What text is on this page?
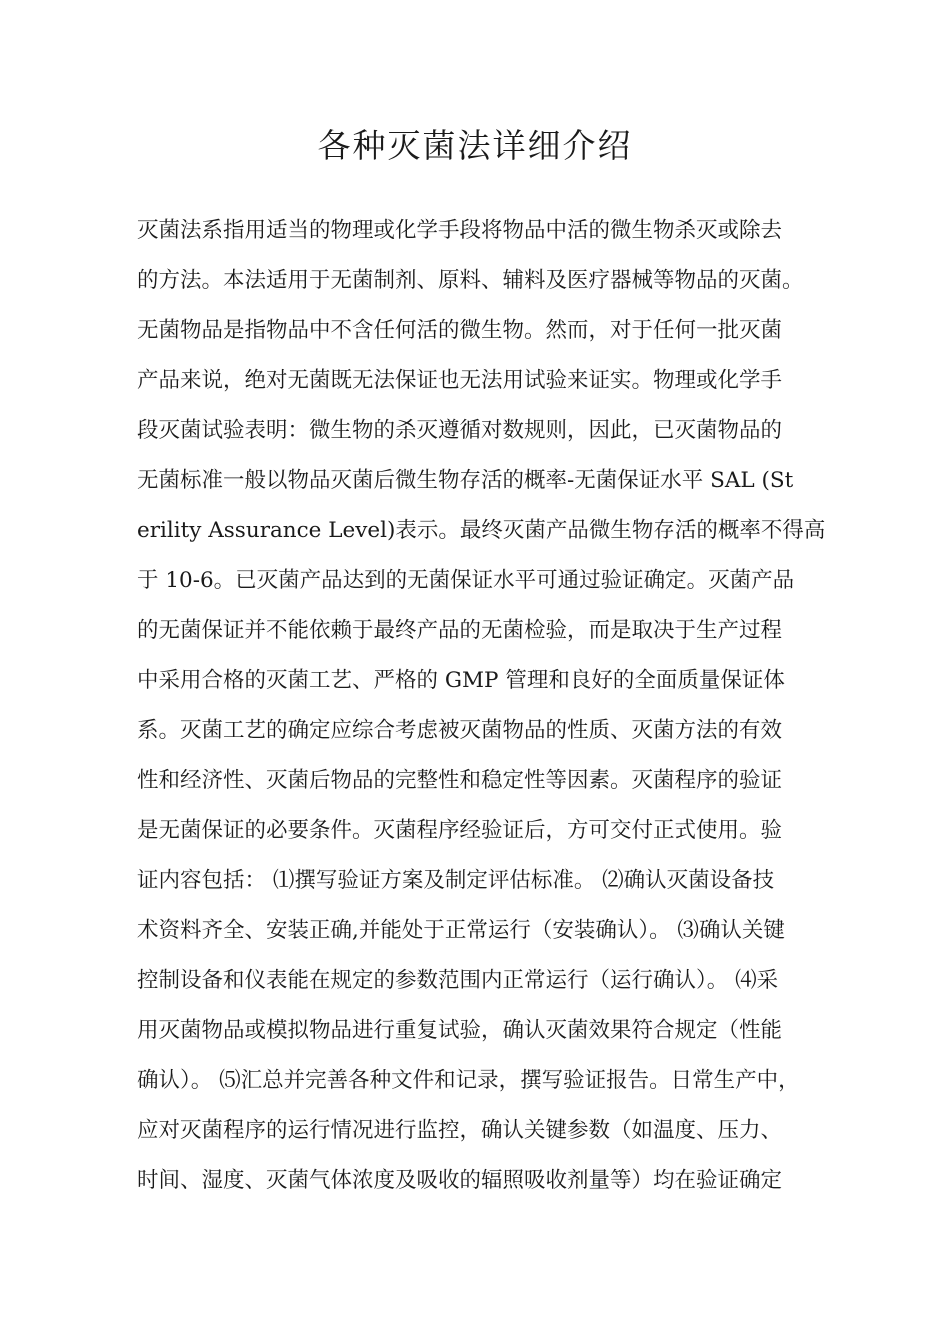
各种灭菌法详细介绍
灭菌法系指用适当的物理或化学手段将物品中活的微生物杀灭或除去
的方法。本法适用于无菌制剂、原料、辅料及医疗器械等物品的灭菌。
无菌物品是指物品中不含任何活的微生物。然而，对于任何一批灭菌
产品来说，绝对无菌既无法保证也无法用试验来证实。物理或化学手
段灭菌试验表明：微生物的杀灭遵循对数规则，因此，已灭菌物品的
无菌标准一般以物品灭菌后微生物存活的概率-无菌保证水平 SAL (St
erility Assurance Level)表示。最终灭菌产品微生物存活的概率不得高
于 10-6。已灭菌产品达到的无菌保证水平可通过验证确定。灭菌产品
的无菌保证并不能依赖于最终产品的无菌检验，而是取决于生产过程
中采用合格的灭菌工艺、严格的 GMP 管理和良好的全面质量保证体
系。灭菌工艺的确定应综合考虑被灭菌物品的性质、灭菌方法的有效
性和经济性、灭菌后物品的完整性和稳定性等因素。灭菌程序的验证
是无菌保证的必要条件。灭菌程序经验证后，方可交付正式使用。验
证内容包括： ⑴撰写验证方案及制定评估标准。 ⑵确认灭菌设备技
术资料齐全、安装正确,并能处于正常运行（安装确认）。 ⑶确认关键
控制设备和仪表能在规定的参数范围内正常运行（运行确认）。 ⑷采
用灭菌物品或模拟物品进行重复试验，确认灭菌效果符合规定（性能
确认）。 ⑸汇总并完善各种文件和记录，撰写验证报告。日常生产中，
应对灭菌程序的运行情况进行监控，确认关键参数（如温度、压力、
时间、湿度、灭菌气体浓度及吸收的辐照吸收剂量等）均在验证确定
